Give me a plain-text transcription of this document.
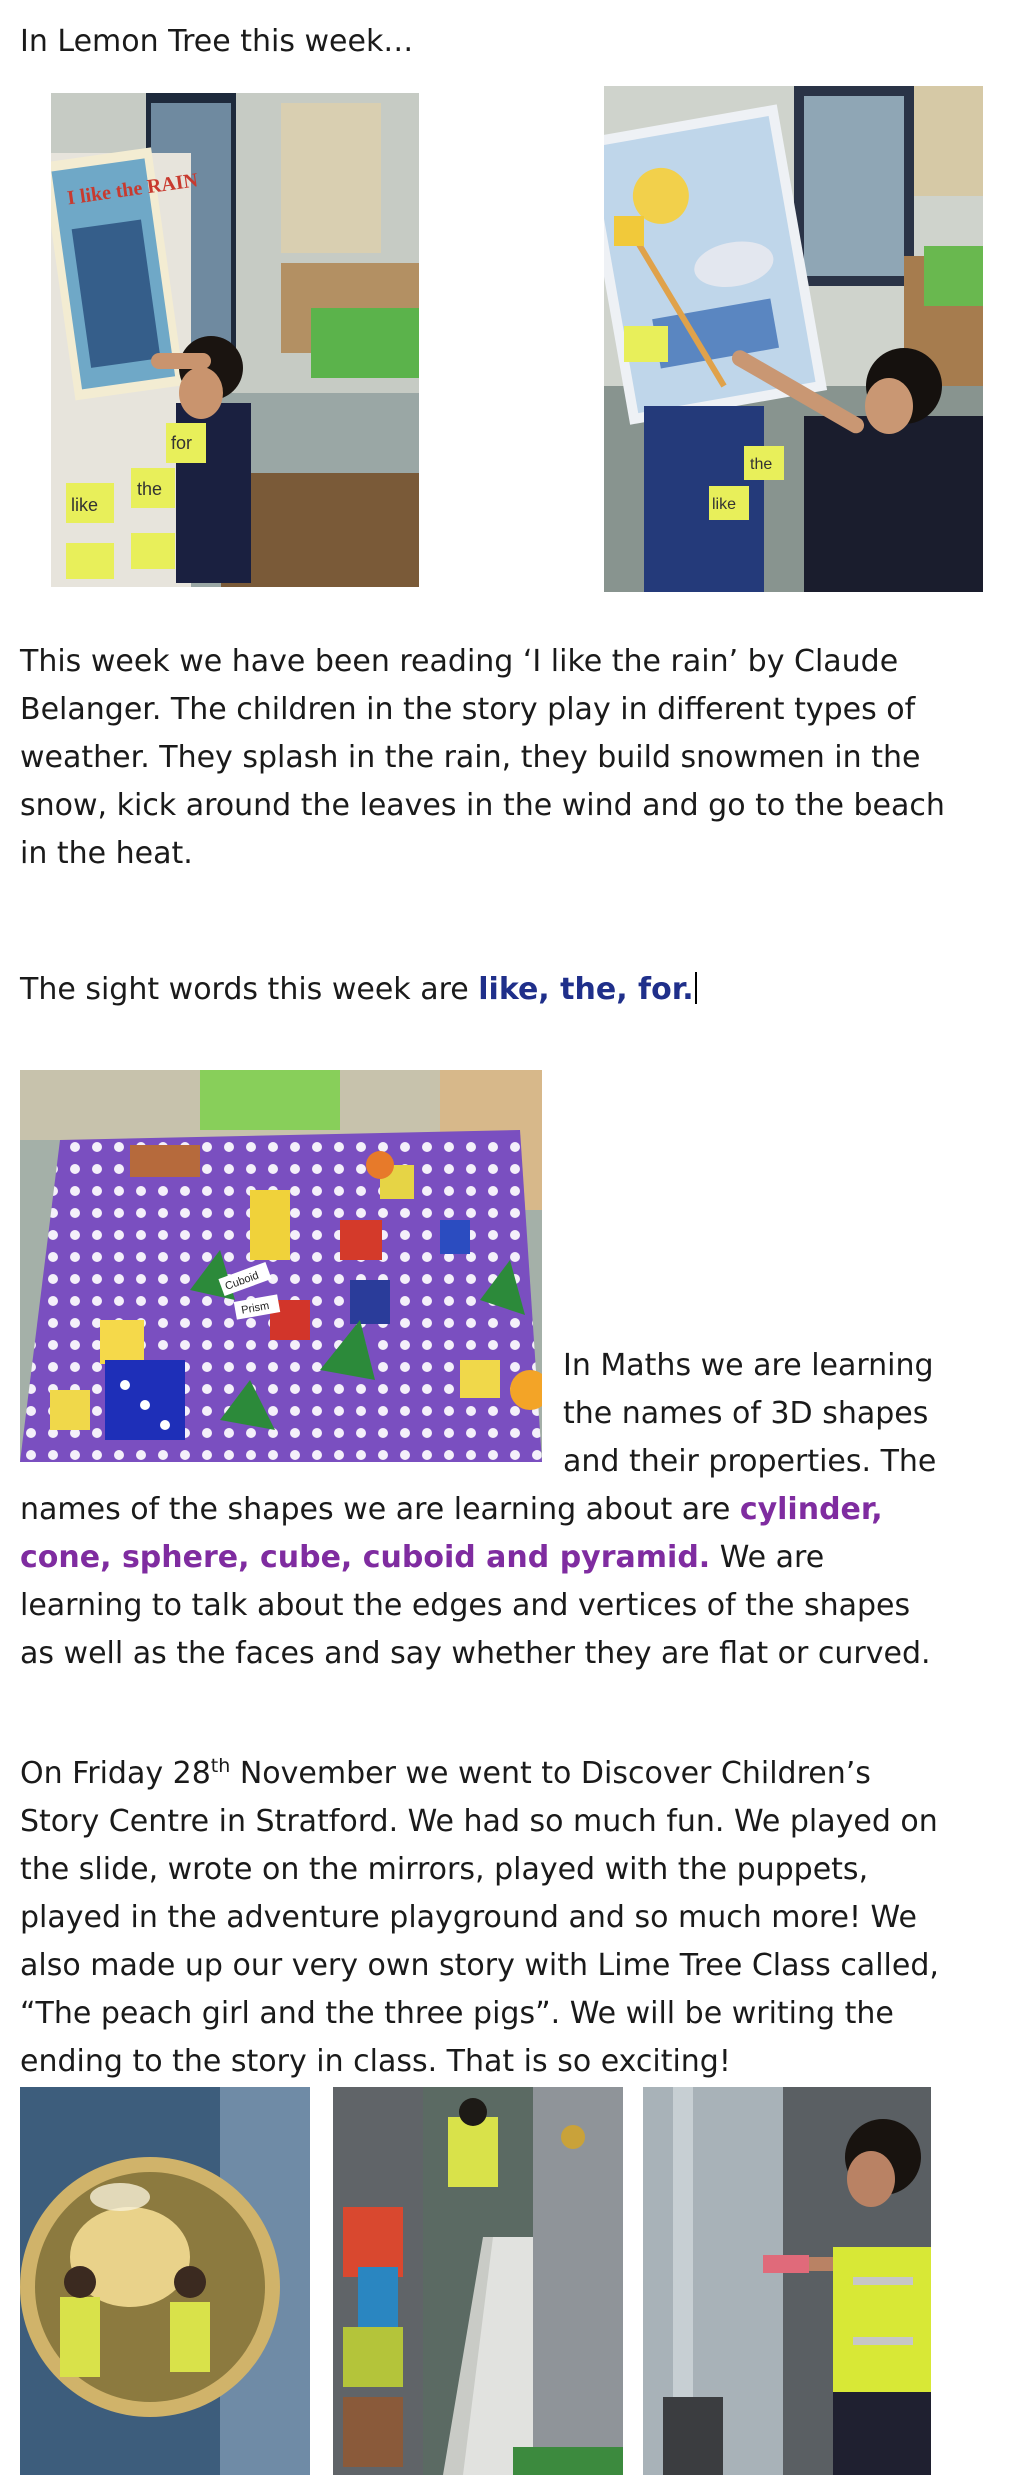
In Lemon Tree this week…
I like the RAIN
like
the
for
like
the

This week we have been reading ‘I like the rain’ by Claude Belanger. The children in the story play in different types of weather. They splash in the rain, they build snowmen in the snow, kick around the leaves in the wind and go to the beach in the heat.

The sight words this week are like, the, for.

Cuboid
Prism

In Maths we are learning

the names of 3D shapes

and their properties. The

names of the shapes we are learning about are cylinder, cone, sphere, cube, cuboid and pyramid. We are learning to talk about the edges and vertices of the shapes as well as the faces and say whether they are flat or curved.

On Friday 28th November we went to Discover Children’s Story Centre in Stratford. We had so much fun. We played on the slide, wrote on the mirrors, played with the puppets, played in the adventure playground and so much more! We also made up our very own story with Lime Tree Class called, “The peach girl and the three pigs”. We will be writing the ending to the story in class. That is so exciting!
